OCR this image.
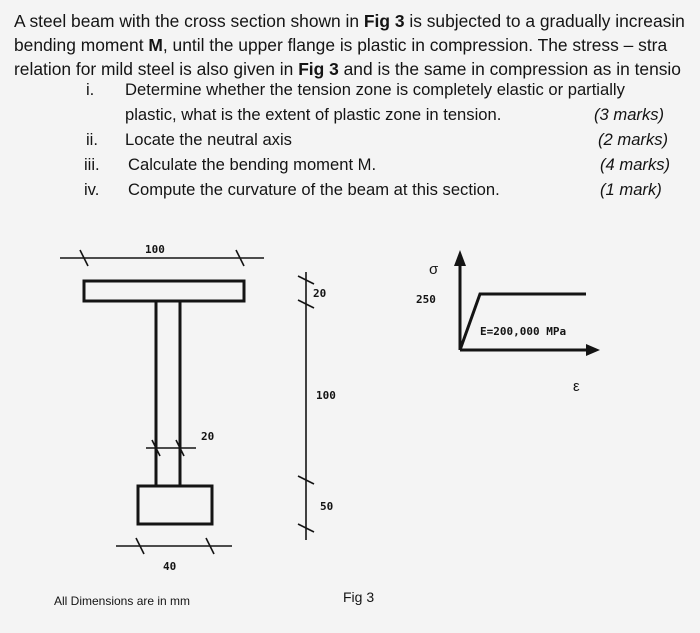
A steel beam with the cross section shown in Fig 3 is subjected to a gradually increasin
bending moment M, until the upper flange is plastic in compression. The stress – stra
relation for mild steel is also given in Fig 3 and is the same in compression as in tensio
i. Determine whether the tension zone is completely elastic or partially
plastic, what is the extent of plastic zone in tension.	(3 marks)
ii. Locate the neutral axis	(2 marks)
iii. Calculate the bending moment M.	(4 marks)
iv. Compute the curvature of the beam at this section.	(1 mark)
100
20
100
20
50
40
250
E=200,000 MPa
σ
ε
All Dimensions are in mm	Fig 3
